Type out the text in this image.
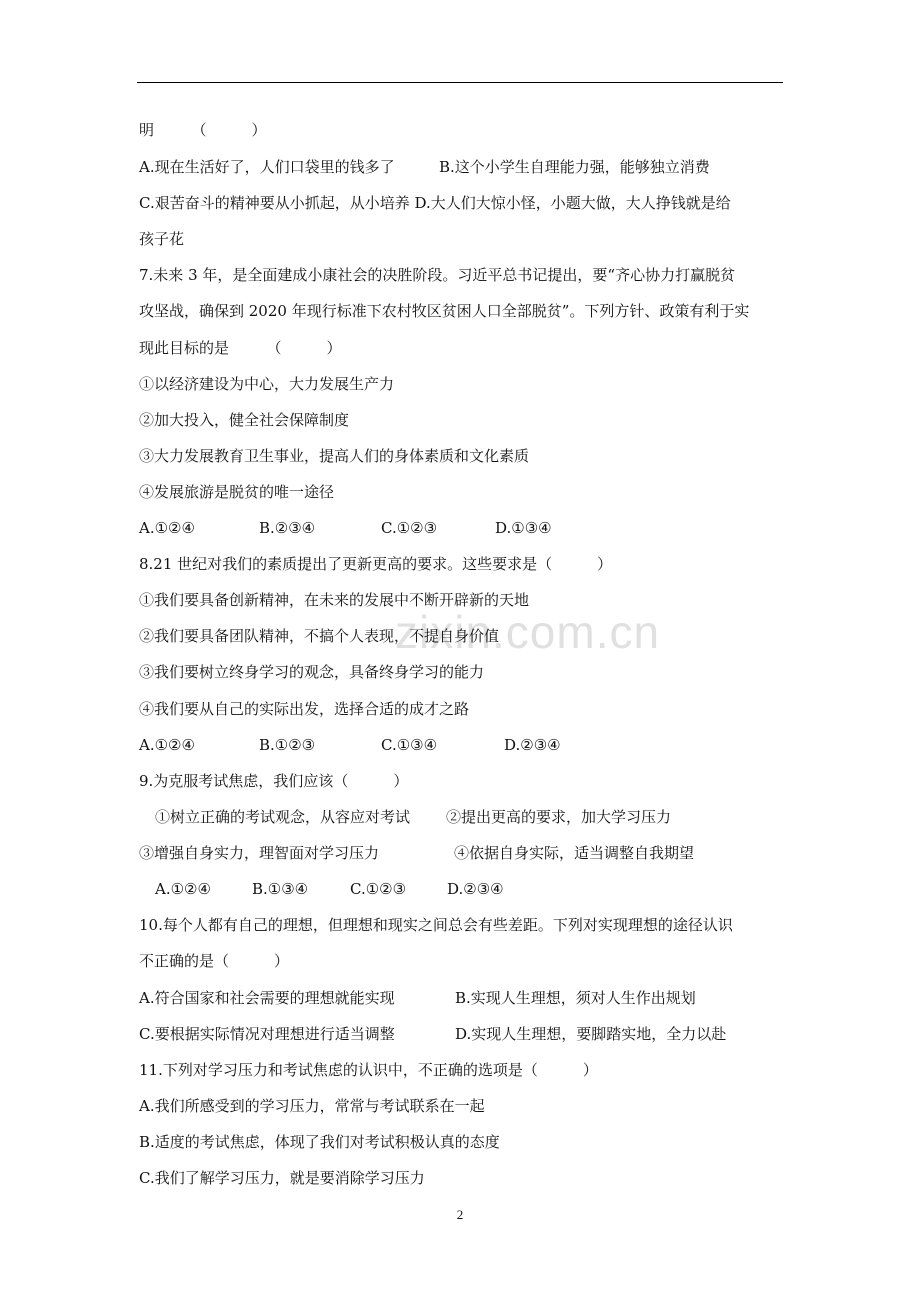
zixin.com.cn
明　　　（　　　）
A.现在生活好了，人们口袋里的钱多了	B.这个小学生自理能力强，能够独立消费
C.艰苦奋斗的精神要从小抓起，从小培养 D.大人们大惊小怪，小题大做，大人挣钱就是给
孩子花
7.未来 3 年，是全面建成小康社会的决胜阶段。习近平总书记提出，要“齐心协力打赢脱贫
攻坚战，确保到 2020 年现行标准下农村牧区贫困人口全部脱贫”。下列方针、政策有利于实
现此目标的是　　　（　　　）
①以经济建设为中心，大力发展生产力
②加大投入，健全社会保障制度
③大力发展教育卫生事业，提高人们的身体素质和文化素质
④发展旅游是脱贫的唯一途径
A.①②④	B.②③④	C.①②③	D.①③④
8.21 世纪对我们的素质提出了更新更高的要求。这些要求是（　　　）
①我们要具备创新精神，在未来的发展中不断开辟新的天地
②我们要具备团队精神，不搞个人表现，不提自身价值
③我们要树立终身学习的观念，具备终身学习的能力
④我们要从自己的实际出发，选择合适的成才之路
A.①②④	B.①②③	C.①③④	D.②③④
9.为克服考试焦虑，我们应该（　　　）
①树立正确的考试观念，从容应对考试 ②提出更高的要求，加大学习压力
③增强自身实力，理智面对学习压力	④依据自身实际，适当调整自我期望
A.①②④	B.①③④	C.①②③	D.②③④
10.每个人都有自己的理想，但理想和现实之间总会有些差距。下列对实现理想的途径认识
不正确的是（　　　）
A.符合国家和社会需要的理想就能实现	B.实现人生理想，须对人生作出规划
C.要根据实际情况对理想进行适当调整	D.实现人生理想，要脚踏实地，全力以赴
11.下列对学习压力和考试焦虑的认识中，不正确的选项是（　　　）
A.我们所感受到的学习压力，常常与考试联系在一起
B.适度的考试焦虑，体现了我们对考试积极认真的态度
C.我们了解学习压力，就是要消除学习压力
2
